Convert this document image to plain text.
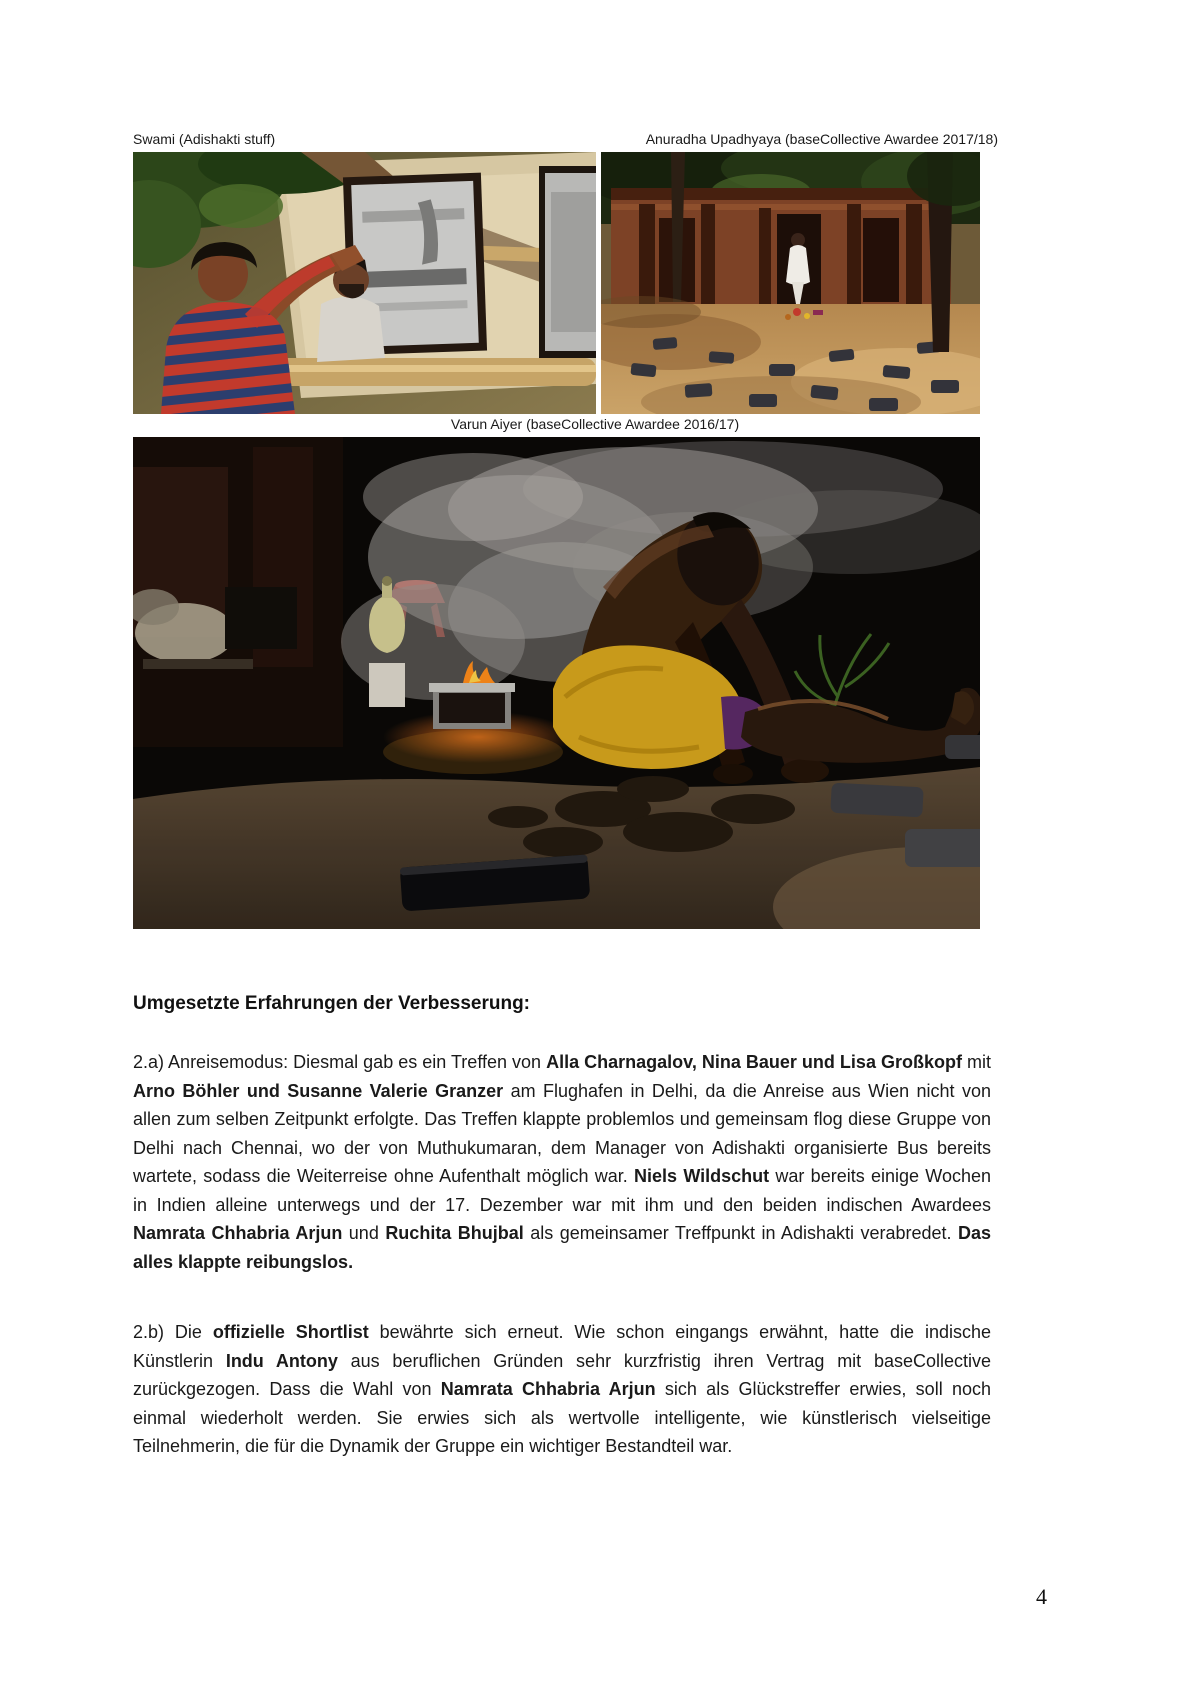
Swami (Adishakti stuff)	Anuradha Upadhyaya (baseCollective Awardee 2017/18)
Varun Aiyer (baseCollective Awardee 2016/17)
Umgesetzte Erfahrungen der Verbesserung:

2.a) Anreisemodus: Diesmal gab es ein Treffen von Alla Charnagalov, Nina Bauer und Lisa Großkopf mit Arno Böhler und Susanne Valerie Granzer am Flughafen in Delhi, da die Anreise aus Wien nicht von allen zum selben Zeitpunkt erfolgte. Das Treffen klappte problemlos und gemeinsam flog diese Gruppe von Delhi nach Chennai, wo der von Muthukumaran, dem Manager von Adishakti organisierte Bus bereits wartete, sodass die Weiterreise ohne Aufenthalt möglich war. Niels Wildschut war bereits einige Wochen in Indien alleine unterwegs und der 17. Dezember war mit ihm und den beiden indischen Awardees Namrata Chhabria Arjun und Ruchita Bhujbal als gemeinsamer Treffpunkt in Adishakti verabredet. Das alles klappte reibungslos.

2.b) Die offizielle Shortlist bewährte sich erneut. Wie schon eingangs erwähnt, hatte die indische Künstlerin Indu Antony aus beruflichen Gründen sehr kurzfristig ihren Vertrag mit baseCollective zurückgezogen. Dass die Wahl von Namrata Chhabria Arjun sich als Glückstreffer erwies, soll noch einmal wiederholt werden. Sie erwies sich als wertvolle intelligente, wie künstlerisch vielseitige Teilnehmerin, die für die Dynamik der Gruppe ein wichtiger Bestandteil war.

4
